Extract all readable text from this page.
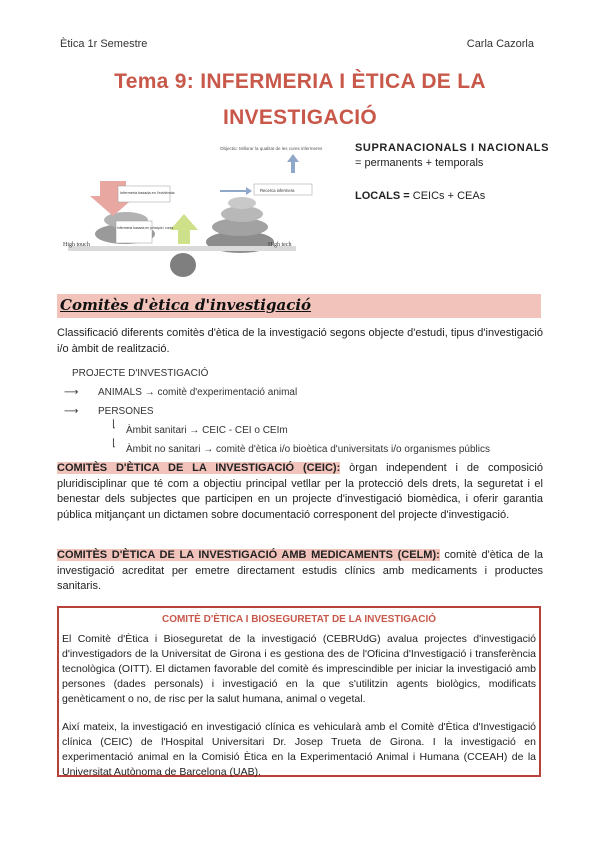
Ètica 1r Semestre	Carla Cazorla
Tema 9: INFERMERIA I ÈTICA DE LA
INVESTIGACIÓ
Objectiu: Millorar la qualitat de les cures infermeres
Infermeria basada en l'evidència
Infermeria basada en principis i cures
Recerca infermera
High touch	High tech
SUPRANACIONALS I NACIONALS
= permanents + temporals
LOCALS = CEICs + CEAs
Comitès d'ètica d'investigació
Classificació diferents comitès d'ètica de la investigació segons objecte d'estudi, tipus d'investigació i/o àmbit de realització.
PROJECTE D'INVESTIGACIÓ
⟶ ANIMALS → comitè d'experimentació animal
⟶ PERSONES
⌊
Àmbit sanitari → CEIC - CEI o CEIm
⌊
Àmbit no sanitari → comitè d'ètica i/o bioètica d'universitats i/o organismes públics
COMITÈS D'ÈTICA DE LA INVESTIGACIÓ (CEIC): òrgan independent i de composició pluridisciplinar que té com a objectiu principal vetllar per la protecció dels drets, la seguretat i el benestar dels subjectes que participen en un projecte d'investigació biomèdica, i oferir garantia pública mitjançant un dictamen sobre documentació corresponent del projecte d'investigació.
COMITÈS D'ÈTICA DE LA INVESTIGACIÓ AMB MEDICAMENTS (CELM): comitè d'ètica de la investigació acreditat per emetre directament estudis clínics amb medicaments i productes sanitaris.
COMITÈ D'ÈTICA I BIOSEGURETAT DE LA INVESTIGACIÓ
El Comitè d'Ètica i Bioseguretat de la investigació (CEBRUdG) avalua projectes d'investigació d'investigadors de la Universitat de Girona i es gestiona des de l'Oficina d'Investigació i transferència tecnològica (OITT). El dictamen favorable del comitè és imprescindible per iniciar la investigació amb persones (dades personals) i investigació en la que s'utilitzin agents biològics, modificats genèticament o no, de risc per la salut humana, animal o vegetal.
Així mateix, la investigació en investigació clínica es vehicularà amb el Comitè d'Ètica d'Investigació clínica (CEIC) de l'Hospital Universitari Dr. Josep Trueta de Girona. I la investigació en experimentació animal en la Comisió Ètica en la Experimentació Animal i Humana (CCEAH) de la Universitat Autònoma de Barcelona (UAB).
